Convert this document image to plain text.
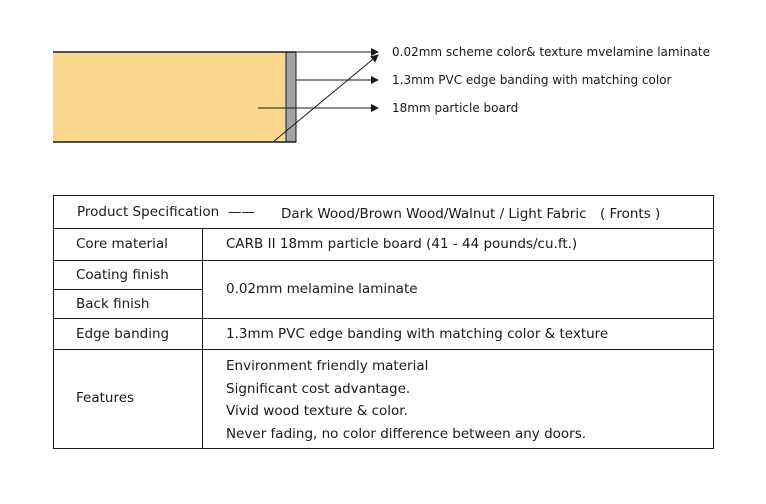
0.02mm scheme color& texture mvelamine laminate
1.3mm PVC edge banding with matching color
18mm particle board
Product Specification —— Dark Wood/Brown Wood/Walnut / Light Fabric　( Fronts )
Core material	CARB II 18mm particle board (41 - 44 pounds/cu.ft.)
Coating finish
Back finish
0.02mm melamine laminate
Edge banding	1.3mm PVC edge banding with matching color & texture
Features
Environment friendly material
Significant cost advantage.
Vivid wood texture & color.
Never fading, no color difference between any doors.
